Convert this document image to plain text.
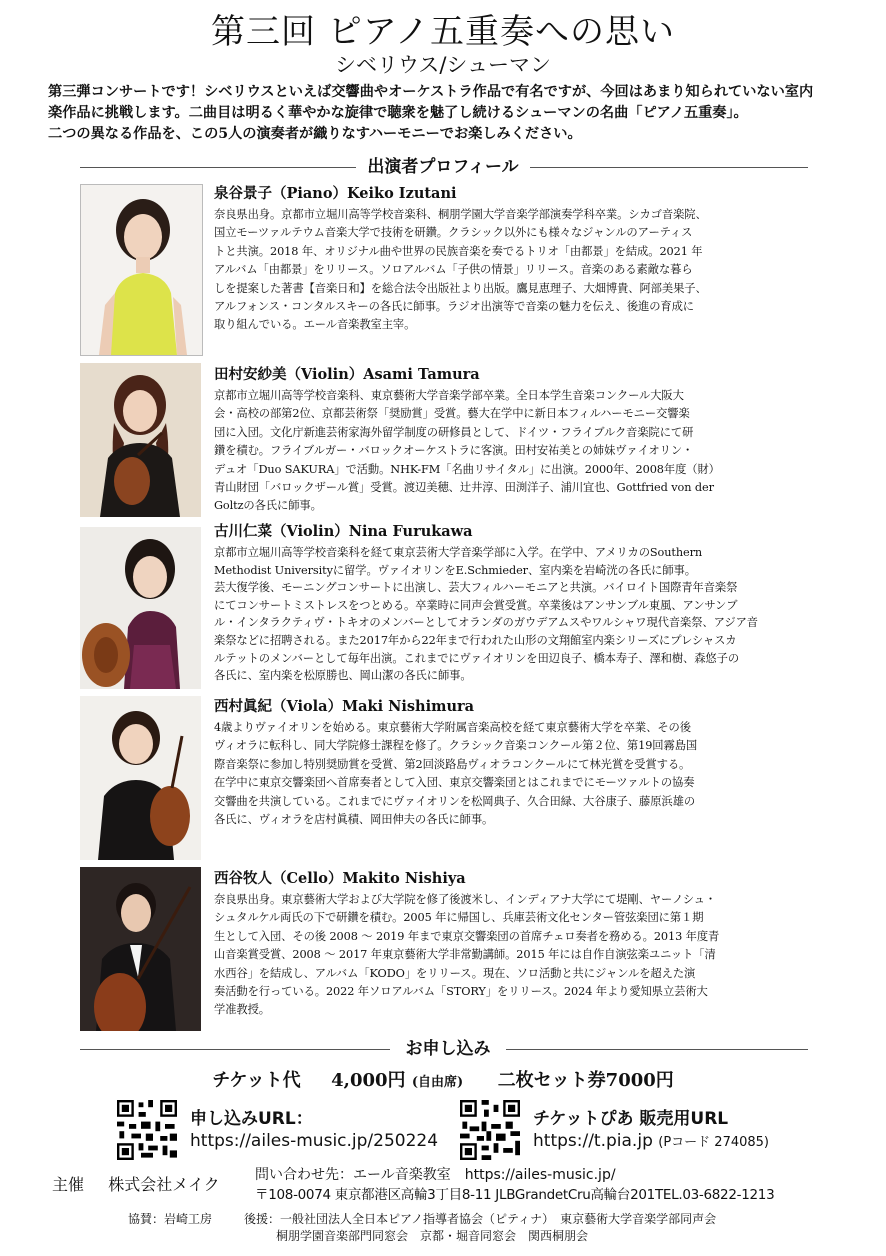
第三回 ピアノ五重奏への思い
シベリウス/シューマン
第三弾コンサートです！シベリウスといえば交響曲やオーケストラ作品で有名ですが、今回はあまり知られていない室内
楽作品に挑戦します。二曲目は明るく華やかな旋律で聴衆を魅了し続けるシューマンの名曲「ピアノ五重奏」。
二つの異なる作品を、この5人の演奏者が織りなすハーモニーでお楽しみください。
出演者プロフィール
泉谷景子（Piano）Keiko Izutani
奈良県出身。京都市立堀川高等学校音楽科、桐朋学園大学音楽学部演奏学科卒業。シカゴ音楽院、
国立モーツァルテウム音楽大学で技術を研鑽。クラシック以外にも様々なジャンルのアーティス
トと共演。2018 年、オリジナル曲や世界の民族音楽を奏でるトリオ「由都景」を結成。2021 年
アルバム「由都景」をリリース。ソロアルバム「子供の情景」リリース。音楽のある素敵な暮ら
しを提案した著書【音楽日和】を総合法令出版社より出版。鷹見恵理子、大畑博貴、阿部美果子、
アルフォンス・コンタルスキーの各氏に師事。ラジオ出演等で音楽の魅力を伝え、後進の育成に
取り組んでいる。エール音楽教室主宰。
田村安紗美（Violin）Asami Tamura
京都市立堀川高等学校音楽科、東京藝術大学音楽学部卒業。全日本学生音楽コンクール大阪大
会・高校の部第2位、京都芸術祭「奨励賞」受賞。藝大在学中に新日本フィルハーモニー交響楽
団に入団。文化庁新進芸術家海外留学制度の研修員として、ドイツ・フライブルク音楽院にて研
鑽を積む。フライブルガー・バロックオーケストラに客演。田村安祐美との姉妹ヴァイオリン・
デュオ「Duo SAKURA」で活動。NHK-FM「名曲リサイタル」に出演。2000年、2008年度（財）
青山財団「バロックザール賞」受賞。渡辺美穂、辻井淳、田渕洋子、浦川宜也、Gottfried von der
Goltzの各氏に師事。
古川仁菜（Violin）Nina Furukawa
京都市立堀川高等学校音楽科を経て東京芸術大学音楽学部に入学。在学中、アメリカのSouthern
Methodist Universityに留学。ヴァイオリンをE.Schmieder、室内楽を岩崎洸の各氏に師事。
芸大復学後、モーニングコンサートに出演し、芸大フィルハーモニアと共演。バイロイト国際青年音楽祭
にてコンサートミストレスをつとめる。卒業時に同声会賞受賞。卒業後はアンサンブル東風、アンサンブ
ル・インタラクティヴ・トキオのメンバーとしてオランダのガウデアムスやワルシャワ現代音楽祭、アジア音
楽祭などに招聘される。また2017年から22年まで行われた山形の文翔館室内楽シリーズにプレシャスカ
ルテットのメンバーとして毎年出演。これまでにヴァイオリンを田辺良子、橋本寿子、澤和樹、森悠子の
各氏に、室内楽を松原勝也、岡山潔の各氏に師事。
西村眞紀（Viola）Maki Nishimura
4歳よりヴァイオリンを始める。東京藝術大学附属音楽高校を経て東京藝術大学を卒業、その後
ヴィオラに転科し、同大学院修士課程を修了。クラシック音楽コンクール第２位、第19回霧島国
際音楽祭に参加し特別奨励賞を受賞、第2回淡路島ヴィオラコンクールにて林光賞を受賞する。
在学中に東京交響楽団へ首席奏者として入団、東京交響楽団とはこれまでにモーツァルトの協奏
交響曲を共演している。これまでにヴァイオリンを松岡典子、久合田緑、大谷康子、藤原浜雄の
各氏に、ヴィオラを店村眞積、岡田伸夫の各氏に師事。
西谷牧人（Cello）Makito Nishiya
奈良県出身。東京藝術大学および大学院を修了後渡米し、インディアナ大学にて堤剛、ヤーノシュ・
シュタルケル両氏の下で研鑽を積む。2005 年に帰国し、兵庫芸術文化センター管弦楽団に第１期
生として入団、その後 2008 ～ 2019 年まで東京交響楽団の首席チェロ奏者を務める。2013 年度青
山音楽賞受賞、2008 ～ 2017 年東京藝術大学非常勤講師。2015 年には自作自演弦楽ユニット「清
水西谷」を結成し、アルバム「KODO」をリリース。現在、ソロ活動と共にジャンルを超えた演
奏活動を行っている。2022 年ソロアルバム「STORY」をリリース。2024 年より愛知県立芸術大
学准教授。
お申し込み
チケット代 4,000円 (自由席) 二枚セット券7000円
申し込みURL：
https://ailes-music.jp/250224
チケットぴあ 販売用URL
https://t.pia.jp (Pコード 274085)
主催 株式会社メイク	問い合わせ先：エール音楽教室　https://ailes-music.jp/
〒108-0074 東京都港区高輪3丁目8-11 JLBGrandetCru高輪台201TEL.03-6822-1213
協賛：岩崎工房	後援：一般社団法人全日本ピアノ指導者協会（ピティナ）　東京藝術大学音楽学部同声会
桐朋学園音楽部門同窓会　京都・堀音同窓会　関西桐朋会
